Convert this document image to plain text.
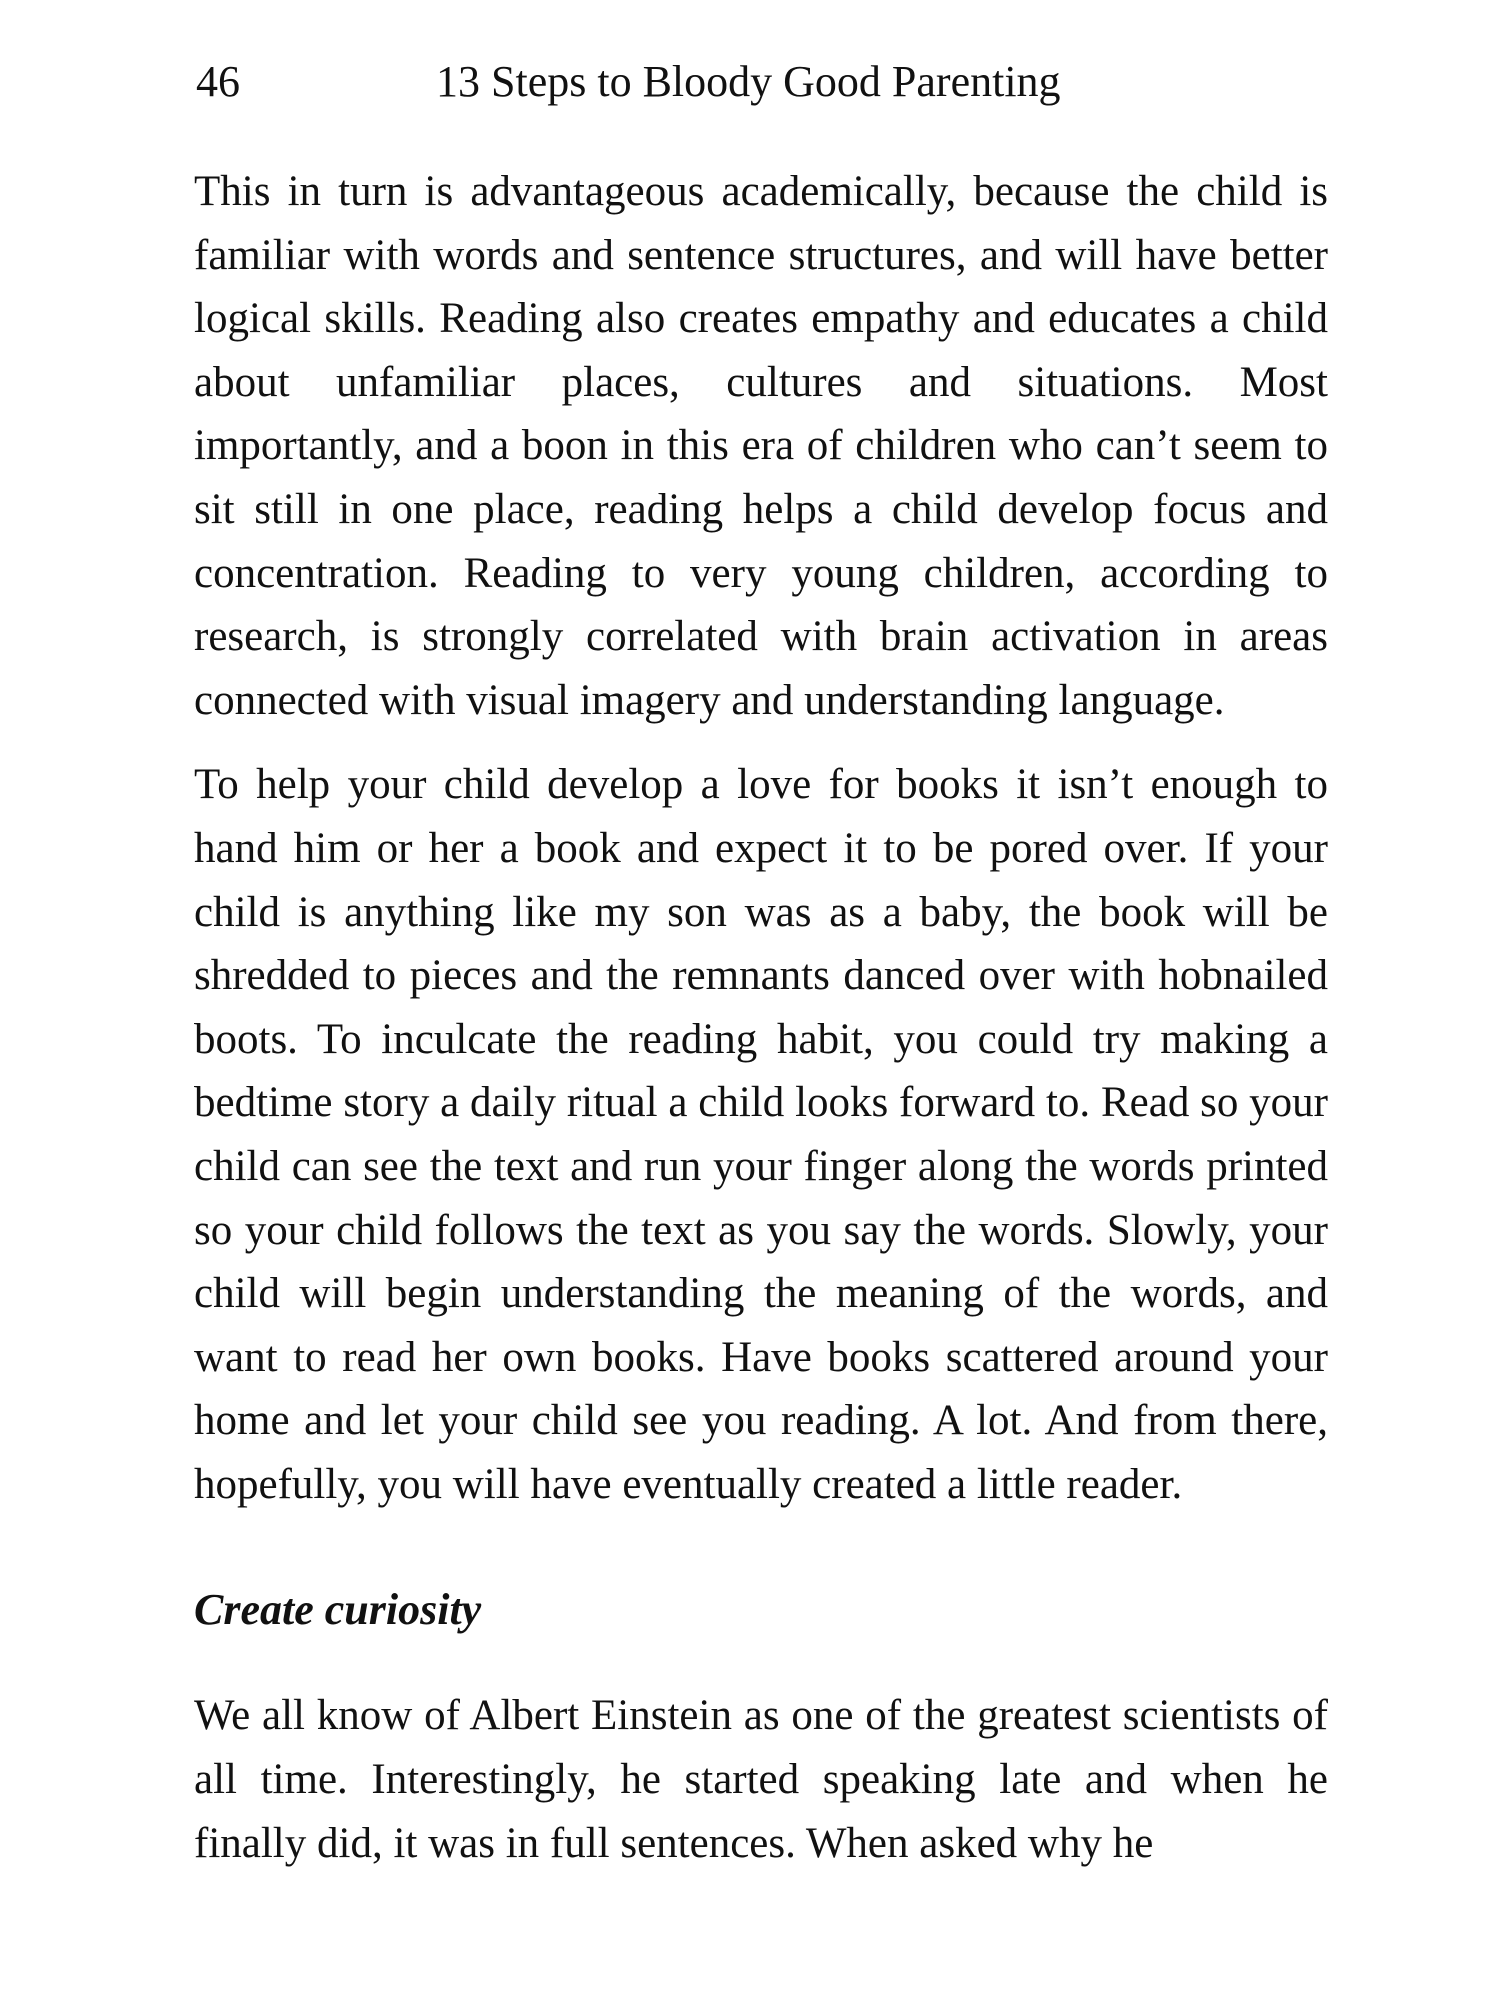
46	13 Steps to Bloody Good Parenting

This in turn is advantageous academically, because the child is familiar with words and sentence structures, and will have better logical skills. Reading also creates empathy and educates a child about unfamiliar places, cultures and situations. Most importantly, and a boon in this era of children who can’t seem to sit still in one place, reading helps a child develop focus and concentration. Reading to very young children, according to research, is strongly correlated with brain activation in areas connected with visual imagery and understanding language.

To help your child develop a love for books it isn’t enough to hand him or her a book and expect it to be pored over. If your child is anything like my son was as a baby, the book will be shredded to pieces and the remnants danced over with hobnailed boots. To inculcate the reading habit, you could try making a bedtime story a daily ritual a child looks forward to. Read so your child can see the text and run your finger along the words printed so your child follows the text as you say the words. Slowly, your child will begin understanding the meaning of the words, and want to read her own books. Have books scattered around your home and let your child see you reading. A lot. And from there, hopefully, you will have eventually created a little reader.

Create curiosity

We all know of Albert Einstein as one of the greatest scientists of all time. Interestingly, he started speaking late and when he finally did, it was in full sentences. When asked why he
